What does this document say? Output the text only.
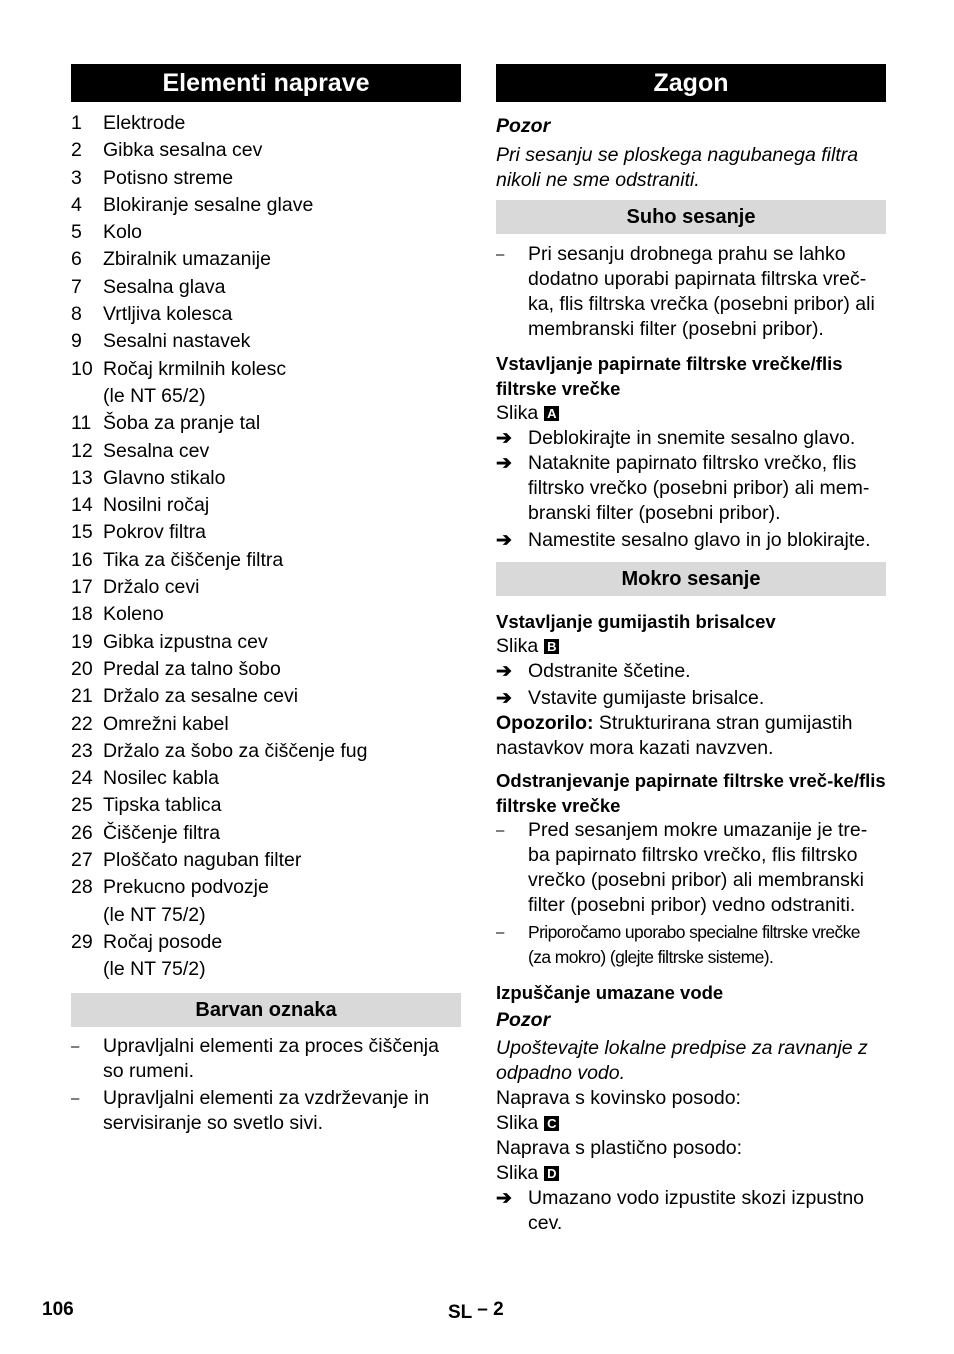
Elementi naprave
1	Elektrode
2	Gibka sesalna cev
3	Potisno streme
4	Blokiranje sesalne glave
5	Kolo
6	Zbiralnik umazanije
7	Sesalna glava
8	Vrtljiva kolesca
9	Sesalni nastavek
10 Ročaj krmilnih kolesc
(le NT 65/2)
11 Šoba za pranje tal
12 Sesalna cev
13 Glavno stikalo
14 Nosilni ročaj
15 Pokrov filtra
16 Tika za čiščenje filtra
17 Držalo cevi
18 Koleno
19 Gibka izpustna cev
20 Predal za talno šobo
21 Držalo za sesalne cevi
22 Omrežni kabel
23 Držalo za šobo za čiščenje fug
24 Nosilec kabla
25 Tipska tablica
26 Čiščenje filtra
27 Ploščato naguban filter
28 Prekucno podvozje
(le NT 75/2)
29 Ročaj posode
(le NT 75/2)
Barvan oznaka
–	Upravljalni elementi za proces čiščenja so rumeni.
–	Upravljalni elementi za vzdrževanje in servisiranje so svetlo sivi.
Zagon

Pozor

Pri sesanju se ploskega nagubanega filtra nikoli ne sme odstraniti.

Suho sesanje
–	Pri sesanju drobnega prahu se lahko dodatno uporabi papirnata filtrska vreč-ka, flis filtrska vrečka (posebni pribor) ali membranski filter (posebni pribor).

Vstavljanje papirnate filtrske vrečke/flis filtrske vrečke

Slika A

➔ Deblokirajte in snemite sesalno glavo.
➔ Nataknite papirnato filtrsko vrečko, flis filtrsko vrečko (posebni pribor) ali mem-branski filter (posebni pribor).
➔ Namestite sesalno glavo in jo blokirajte.
Mokro sesanje

Vstavljanje gumijastih brisalcev

Slika B

➔ Odstranite ščetine.
➔ Vstavite gumijaste brisalce.

Opozorilo: Strukturirana stran gumijastih nastavkov mora kazati navzven.

Odstranjevanje papirnate filtrske vreč-ke/flis filtrske vrečke

–	Pred sesanjem mokre umazanije je tre-ba papirnato filtrsko vrečko, flis filtrsko vrečko (posebni pribor) ali membranski filter (posebni pribor) vedno odstraniti.
–	Priporočamo uporabo specialne filtrske vrečke (za mokro) (glejte filtrske sisteme).

Izpuščanje umazane vode

Pozor

Upoštevajte lokalne predpise za ravnanje z odpadno vodo.

Naprava s kovinsko posodo:

Slika C

Naprava s plastično posodo:

Slika D

➔ Umazano vodo izpustite skozi izpustno cev.
106	SL – 2
